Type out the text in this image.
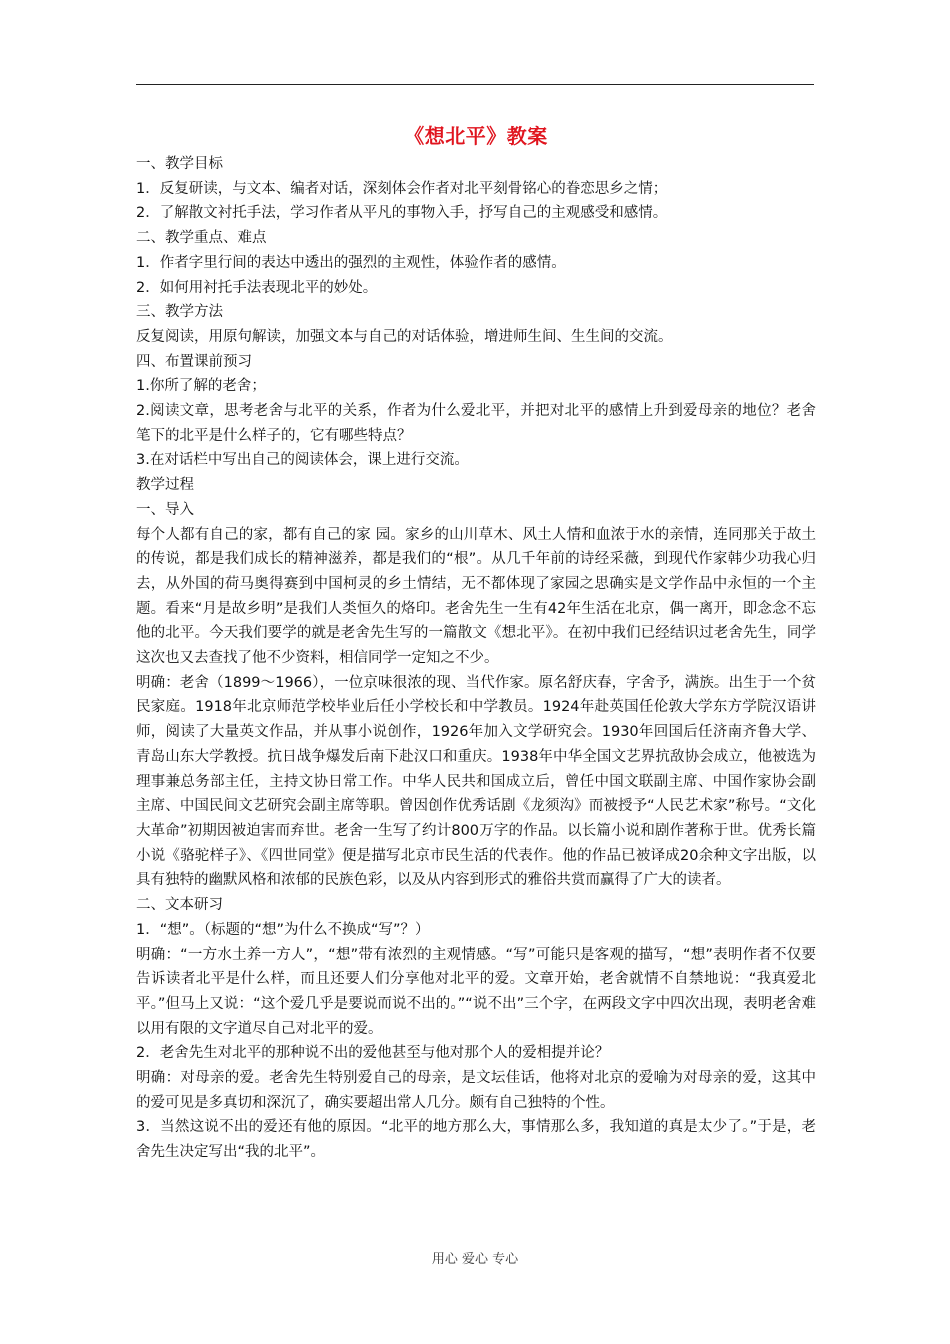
《想北平》教案
一、教学目标
1．反复研读，与文本、编者对话，深刻体会作者对北平刻骨铭心的眷恋思乡之情；
2．了解散文衬托手法，学习作者从平凡的事物入手，抒写自己的主观感受和感情。
二、教学重点、难点
1．作者字里行间的表达中透出的强烈的主观性，体验作者的感情。
2．如何用衬托手法表现北平的妙处。
三、教学方法
反复阅读，用原句解读，加强文本与自己的对话体验，增进师生间、生生间的交流。
四、布置课前预习
1.你所了解的老舍；
2.阅读文章，思考老舍与北平的关系，作者为什么爱北平，并把对北平的感情上升到爱母亲的地位？老舍笔下的北平是什么样子的，它有哪些特点？
3.在对话栏中写出自己的阅读体会，课上进行交流。
教学过程
一、导入
每个人都有自己的家，都有自己的家 园。家乡的山川草木、风土人情和血浓于水的亲情，连同那关于故土的传说，都是我们成长的精神滋养，都是我们的“根”。从几千年前的诗经采薇，到现代作家韩少功我心归去，从外国的荷马奥得赛到中国柯灵的乡土情结，无不都体现了家园之思确实是文学作品中永恒的一个主题。看来“月是故乡明”是我们人类恒久的烙印。老舍先生一生有42年生活在北京，偶一离开，即念念不忘他的北平。今天我们要学的就是老舍先生写的一篇散文《想北平》。在初中我们已经结识过老舍先生，同学这次也又去查找了他不少资料，相信同学一定知之不少。
明确：老舍（1899～1966），一位京味很浓的现、当代作家。原名舒庆春，字舍予，满族。出生于一个贫民家庭。1918年北京师范学校毕业后任小学校长和中学教员。1924年赴英国任伦敦大学东方学院汉语讲师，阅读了大量英文作品，并从事小说创作，1926年加入文学研究会。1930年回国后任济南齐鲁大学、青岛山东大学教授。抗日战争爆发后南下赴汉口和重庆。1938年中华全国文艺界抗敌协会成立，他被选为理事兼总务部主任，主持文协日常工作。中华人民共和国成立后，曾任中国文联副主席、中国作家协会副主席、中国民间文艺研究会副主席等职。曾因创作优秀话剧《龙须沟》而被授予“人民艺术家”称号。“文化大革命”初期因被迫害而弃世。老舍一生写了约计800万字的作品。以长篇小说和剧作著称于世。优秀长篇小说《骆驼样子》、《四世同堂》便是描写北京市民生活的代表作。他的作品已被译成20余种文字出版，以具有独特的幽默风格和浓郁的民族色彩，以及从内容到形式的雅俗共赏而赢得了广大的读者。
二、文本研习
1．“想”。（标题的“想”为什么不换成“写”？）
明确：“一方水土养一方人”，“想”带有浓烈的主观情感。“写”可能只是客观的描写，“想”表明作者不仅要告诉读者北平是什么样，而且还要人们分享他对北平的爱。文章开始，老舍就情不自禁地说：“我真爱北平。”但马上又说：“这个爱几乎是要说而说不出的。”“说不出”三个字，在两段文字中四次出现，表明老舍难以用有限的文字道尽自己对北平的爱。
2．老舍先生对北平的那种说不出的爱他甚至与他对那个人的爱相提并论？
明确：对母亲的爱。老舍先生特别爱自己的母亲，是文坛佳话，他将对北京的爱喻为对母亲的爱，这其中的爱可见是多真切和深沉了，确实要超出常人几分。颇有自己独特的个性。
3．当然这说不出的爱还有他的原因。“北平的地方那么大，事情那么多，我知道的真是太少了。”于是，老舍先生决定写出“我的北平”。
用心 爱心 专心
